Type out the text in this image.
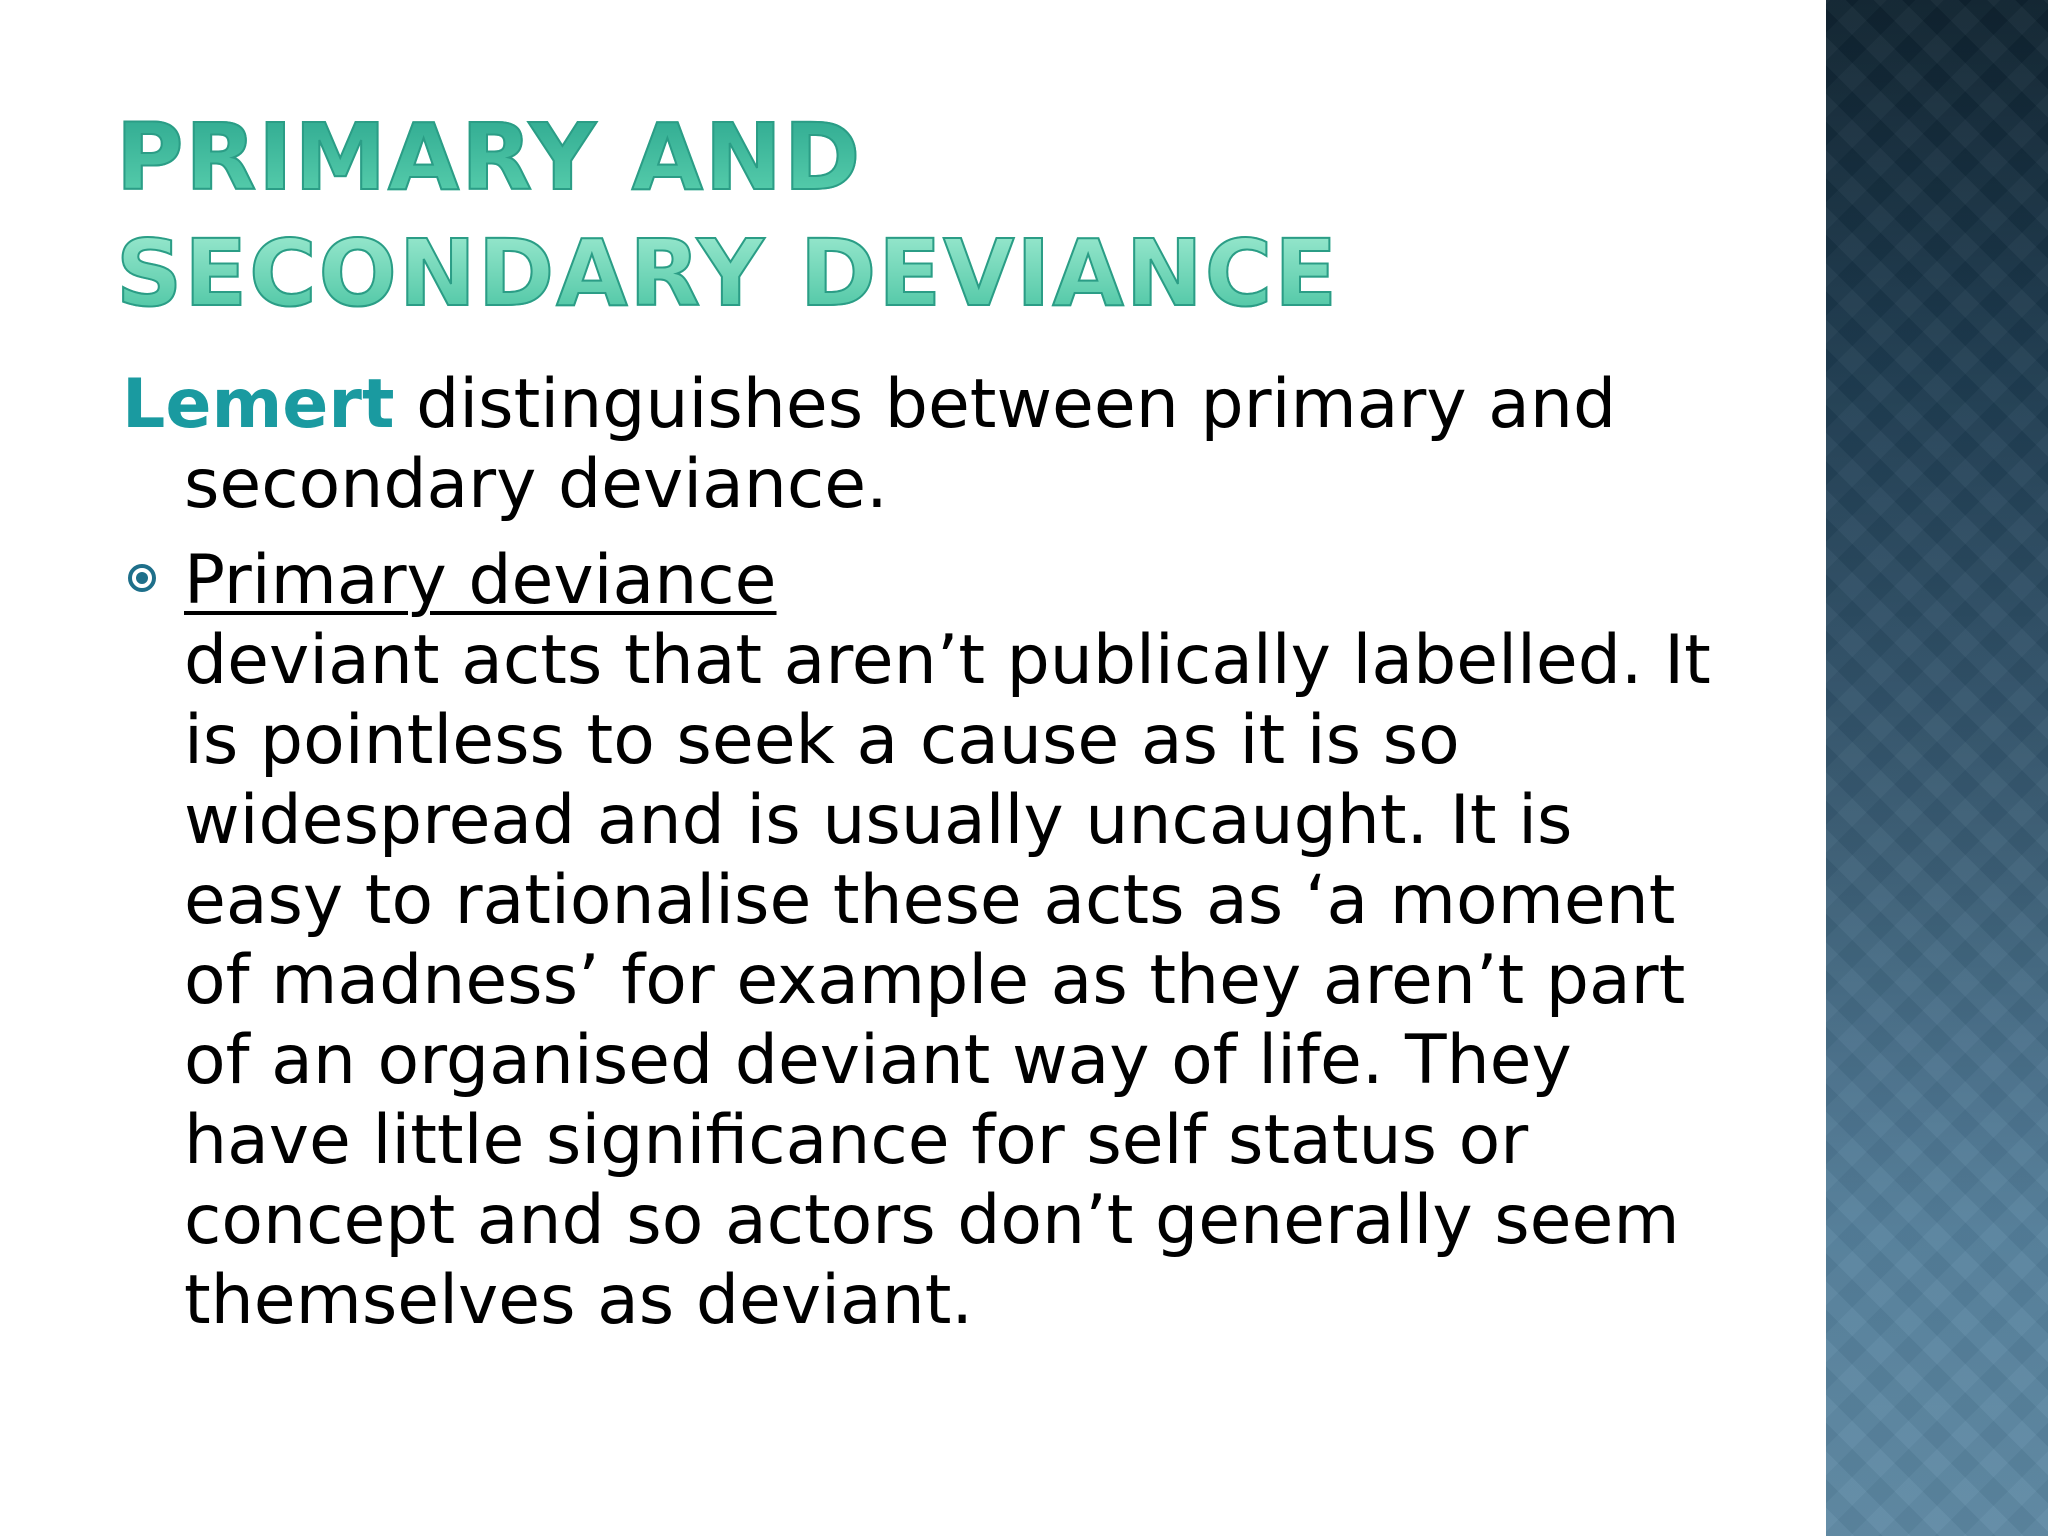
PRIMARY AND SECONDARY DEVIANCE

Lemert distinguishes between primary and secondary deviance.

Primary deviance
deviant acts that aren’t publically labelled. It is pointless to seek a cause as it is so widespread and is usually uncaught. It is easy to rationalise these acts as ‘a moment of madness’ for example as they aren’t part of an organised deviant way of life. They have little significance for self status or concept and so actors don’t generally seem themselves as deviant.
